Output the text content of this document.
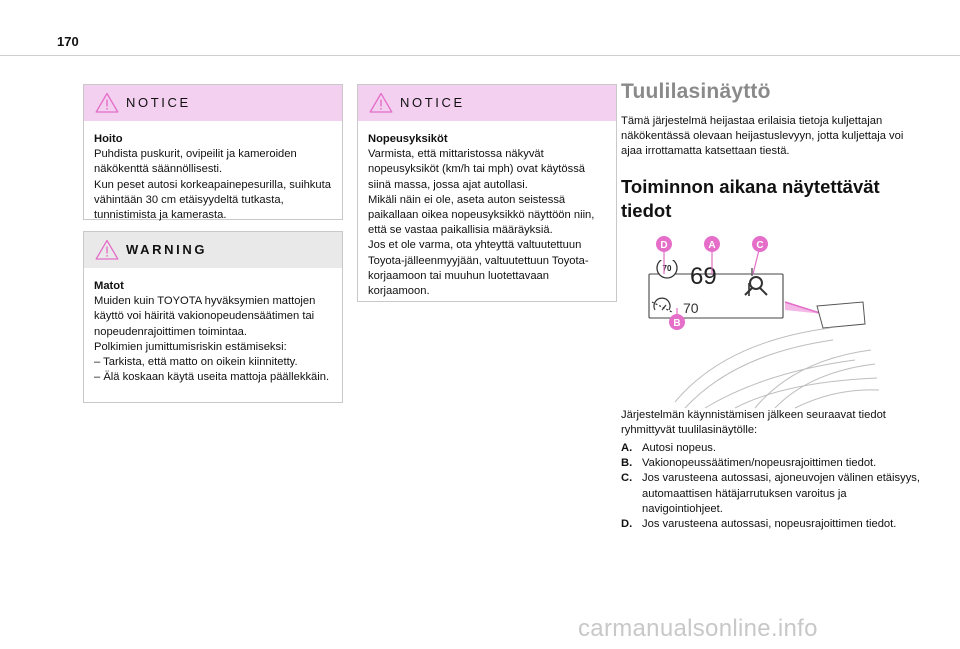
170
NOTICE

Hoito

Puhdista puskurit, ovipeilit ja kameroiden näkökenttä säännöllisesti.

Kun peset autosi korkeapainepesurilla, suihkuta vähintään 30 cm etäisyydeltä tutkasta, tunnistimista ja kamerasta.

WARNING

Matot

Muiden kuin TOYOTA hyväksymien mattojen käyttö voi häiritä vakionopeudensäätimen tai nopeudenrajoittimen toimintaa.

Polkimien jumittumisriskin estämiseksi:

– Tarkista, että matto on oikein kiinnitetty.

– Älä koskaan käytä useita mattoja päällekkäin.

NOTICE

Nopeusyksiköt

Varmista, että mittaristossa näkyvät nopeusyksiköt (km/h tai mph) ovat käytössä siinä massa, jossa ajat autollasi.

Mikäli näin ei ole, aseta auton seistessä paikallaan oikea nopeusyksikkö näyttöön niin, että se vastaa paikallisia määräyksiä.

Jos et ole varma, ota yhteyttä valtuutettuun Toyota-jälleenmyyjään, valtuutettuun Toyota-korjaamoon tai muuhun luotettavaan korjaamoon.

Tuulilasinäyttö
Tämä järjestelmä heijastaa erilaisia tietoja kuljettajan näkökentässä olevaan heijastuslevyyn, jotta kuljettaja voi ajaa irrottamatta katsettaan tiestä.
Toiminnon aikana näytettävät tiedot
70 69
70
D	A	C
B
Järjestelmän käynnistämisen jälkeen seuraavat tiedot ryhmittyvät tuulilasinäytölle:
A. Autosi nopeus.
B. Vakionopeussäätimen/nopeusrajoittimen tiedot.
C. Jos varusteena autossasi, ajoneuvojen välinen etäisyys, automaattisen hätäjarrutuksen varoitus ja navigointiohjeet.
D. Jos varusteena autossasi, nopeusrajoittimen tiedot.
carmanualsonline.info
